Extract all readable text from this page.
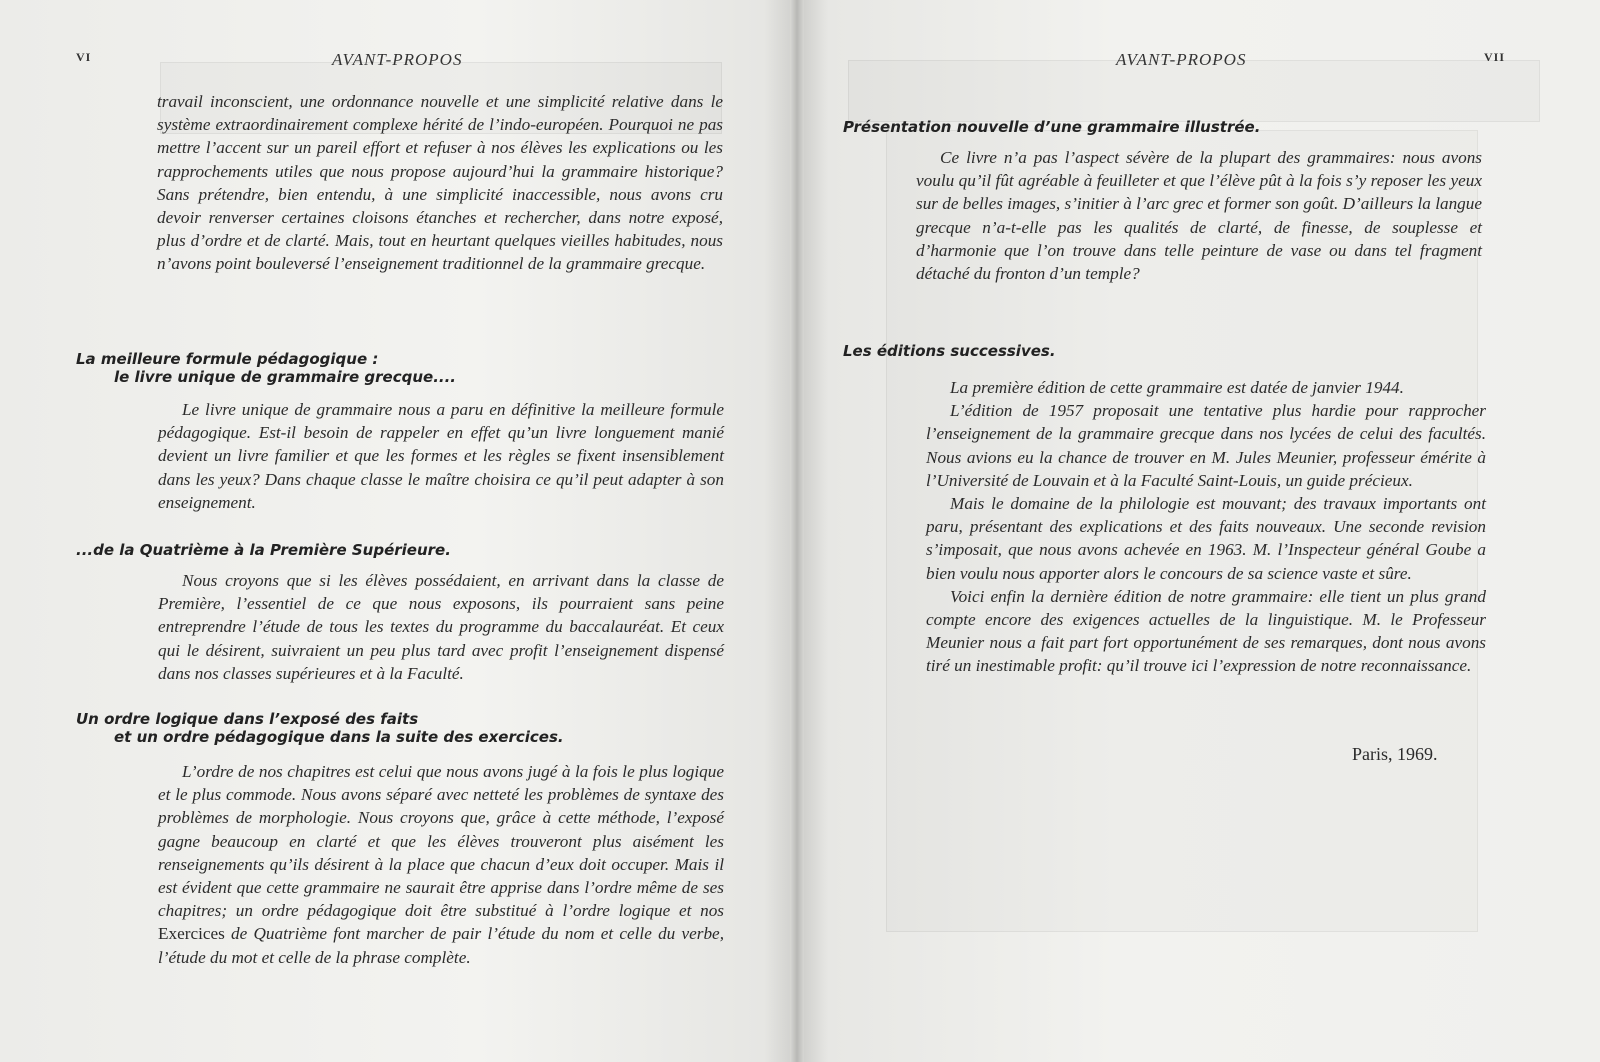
VI	AVANT-PROPOS

travail inconscient, une ordonnance nouvelle et une simplicité relative dans le système extraordinairement complexe hérité de l’indo-européen. Pourquoi ne pas mettre l’accent sur un pareil effort et refuser à nos élèves les explications ou les rapprochements utiles que nous propose aujourd’hui la grammaire historique? Sans prétendre, bien entendu, à une simplicité inaccessible, nous avons cru devoir renverser certaines cloisons étanches et rechercher, dans notre exposé, plus d’ordre et de clarté. Mais, tout en heurtant quelques vieilles habitudes, nous n’avons point bouleversé l’enseignement traditionnel de la grammaire grecque.

La meilleure formule pédagogique :
le livre unique de grammaire grecque....

Le livre unique de grammaire nous a paru en définitive la meilleure formule pédagogique. Est-il besoin de rappeler en effet qu’un livre longuement manié devient un livre familier et que les formes et les règles se fixent insensiblement dans les yeux? Dans chaque classe le maître choisira ce qu’il peut adapter à son enseignement.

...de la Quatrième à la Première Supérieure.

Nous croyons que si les élèves possédaient, en arrivant dans la classe de Première, l’essentiel de ce que nous exposons, ils pourraient sans peine entreprendre l’étude de tous les textes du programme du baccalauréat. Et ceux qui le désirent, suivraient un peu plus tard avec profit l’enseignement dispensé dans nos classes supérieures et à la Faculté.

Un ordre logique dans l’exposé des faits
et un ordre pédagogique dans la suite des exercices.

L’ordre de nos chapitres est celui que nous avons jugé à la fois le plus logique et le plus commode. Nous avons séparé avec netteté les problèmes de syntaxe des problèmes de morphologie. Nous croyons que, grâce à cette méthode, l’exposé gagne beaucoup en clarté et que les élèves trouveront plus aisément les renseignements qu’ils désirent à la place que chacun d’eux doit occuper. Mais il est évident que cette grammaire ne saurait être apprise dans l’ordre même de ses chapitres; un ordre pédagogique doit être substitué à l’ordre logique et nos Exercices de Quatrième font marcher de pair l’étude du nom et celle du verbe, l’étude du mot et celle de la phrase complète.

AVANT-PROPOS	VII
Présentation nouvelle d’une grammaire illustrée.

Ce livre n’a pas l’aspect sévère de la plupart des grammaires: nous avons voulu qu’il fût agréable à feuilleter et que l’élève pût à la fois s’y reposer les yeux sur de belles images, s’initier à l’arc grec et former son goût. D’ailleurs la langue grecque n’a-t-elle pas les qualités de clarté, de finesse, de souplesse et d’harmonie que l’on trouve dans telle peinture de vase ou dans tel fragment détaché du fronton d’un temple?

Les éditions successives.

La première édition de cette grammaire est datée de janvier 1944.

L’édition de 1957 proposait une tentative plus hardie pour rapprocher l’enseignement de la grammaire grecque dans nos lycées de celui des facultés. Nous avions eu la chance de trouver en M. Jules Meunier, professeur émérite à l’Université de Louvain et à la Faculté Saint-Louis, un guide précieux.

Mais le domaine de la philologie est mouvant; des travaux importants ont paru, présentant des explications et des faits nouveaux. Une seconde revision s’imposait, que nous avons achevée en 1963. M. l’Inspecteur général Goube a bien voulu nous apporter alors le concours de sa science vaste et sûre.

Voici enfin la dernière édition de notre grammaire: elle tient un plus grand compte encore des exigences actuelles de la linguistique. M. le Professeur Meunier nous a fait part fort opportunément de ses remarques, dont nous avons tiré un inestimable profit: qu’il trouve ici l’expression de notre reconnaissance.

Paris, 1969.
